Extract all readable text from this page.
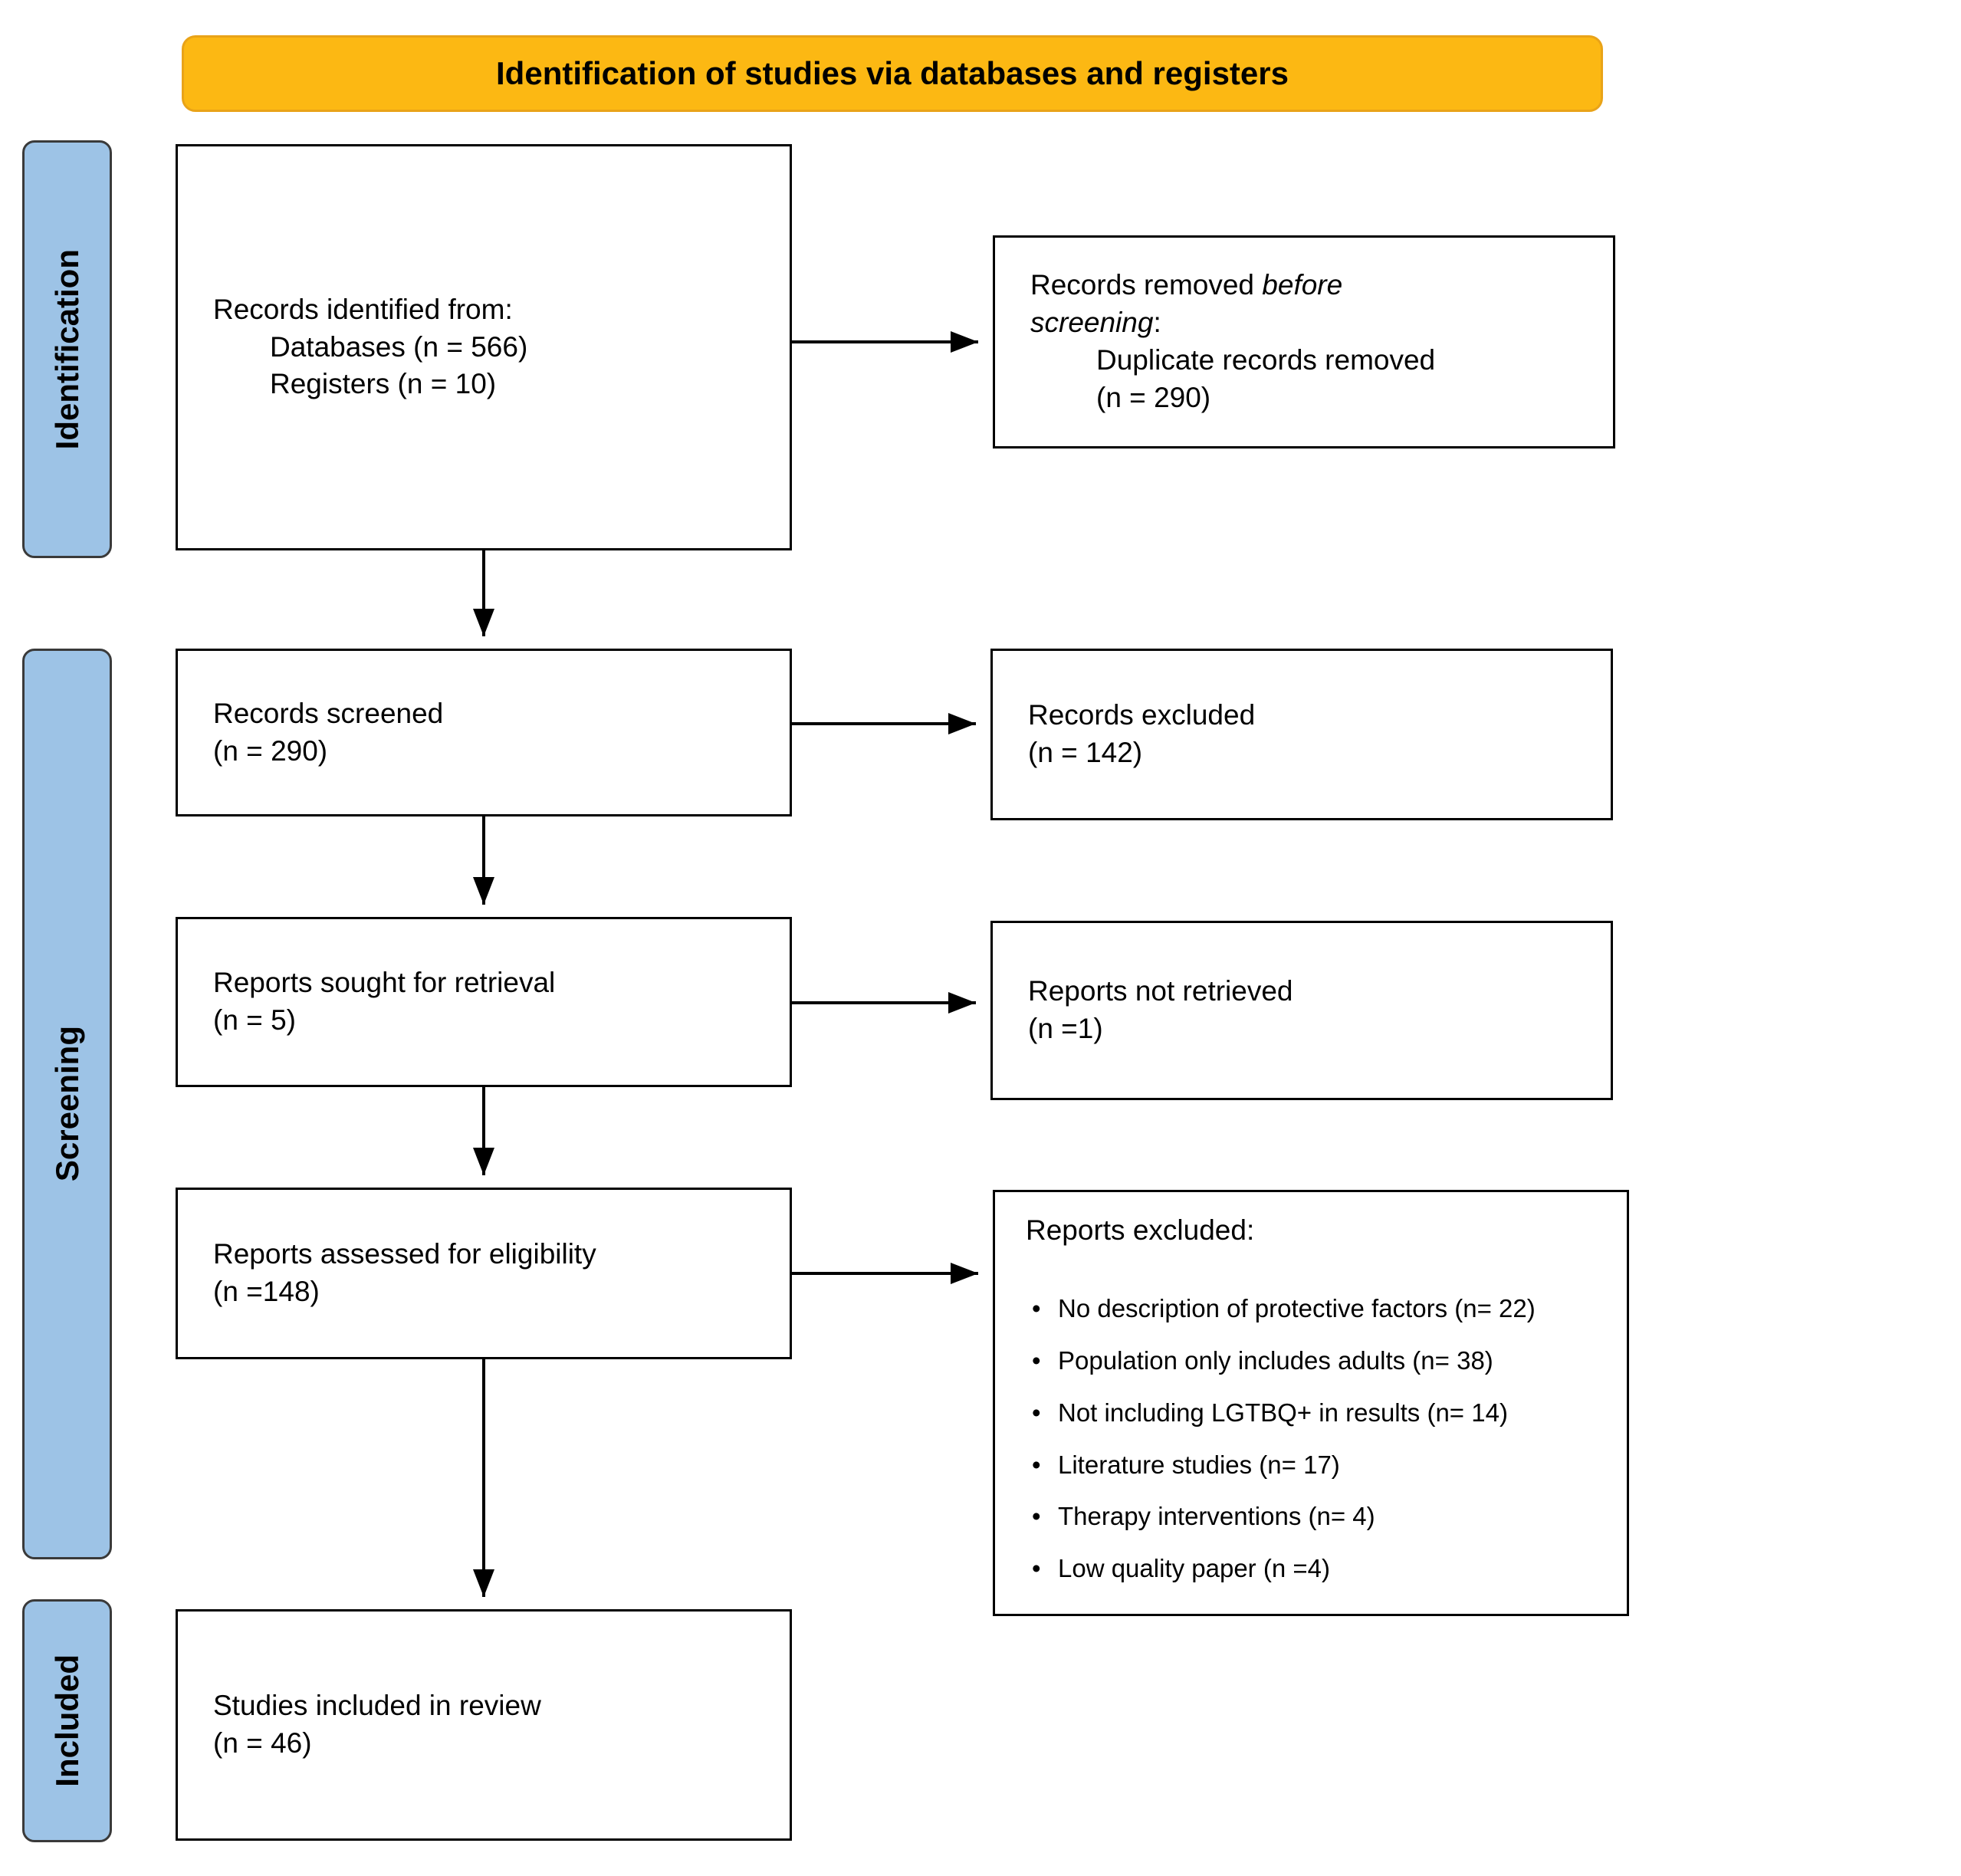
Identification of studies via databases and registers
Identification
Screening
Included
Records identified from:
Databases (n = 566)
Registers (n = 10)
Records removed before
screening:
Duplicate records removed
(n = 290)
Records screened
(n = 290)
Records excluded
(n = 142)
Reports sought for retrieval
(n = 5)
Reports not retrieved
(n =1)
Reports assessed for eligibility
(n =148)
Reports excluded:
• No description of protective factors (n= 22)
• Population only includes adults (n= 38)
• Not including LGTBQ+ in results (n= 14)
• Literature studies (n= 17)
• Therapy interventions (n= 4)
• Low quality paper (n =4)
Studies included in review
(n = 46)
